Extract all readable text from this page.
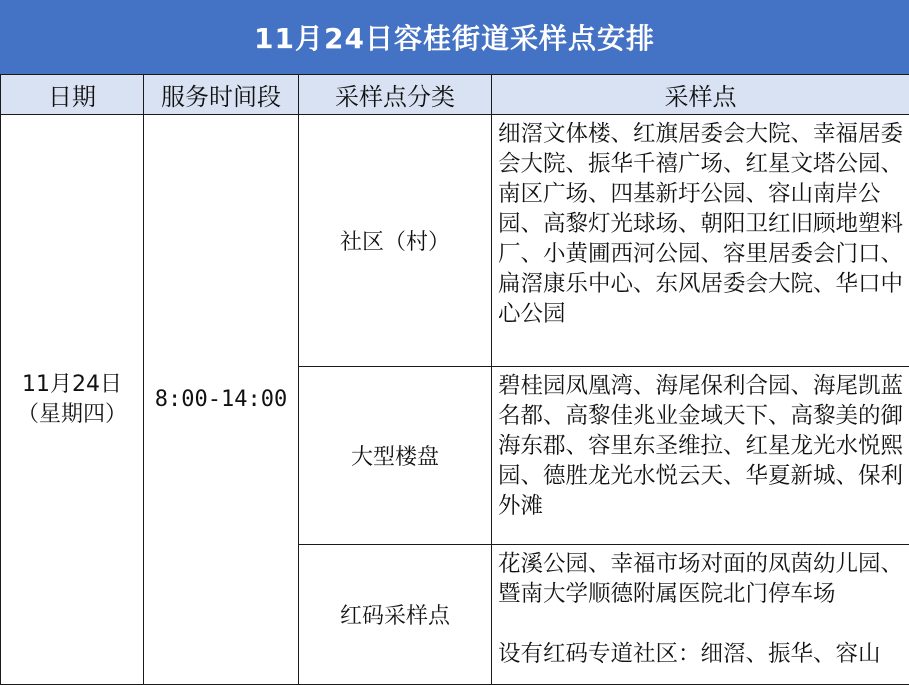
11月24日容桂街道采样点安排
日期	服务时间段	采样点分类	采样点
11月24日
（星期四）	8:00-14:00	社区（村）	细滘文体楼、红旗居委会大院、幸福居委会大院、振华千禧广场、红星文塔公园、南区广场、四基新圩公园、容山南岸公园、高黎灯光球场、朝阳卫红旧顾地塑料厂、小黄圃西河公园、容里居委会门口、扁滘康乐中心、东风居委会大院、华口中心公园

		大型楼盘	碧桂园凤凰湾、海尾保利合园、海尾凯蓝名都、高黎佳兆业金域天下、高黎美的御海东郡、容里东圣维拉、红星龙光水悦熙园、德胜龙光水悦云天、华夏新城、保利外滩

		红码采样点	花溪公园、幸福市场对面的凤茵幼儿园、暨南大学顺德附属医院北门停车场
设有红码专道社区：细滘、振华、容山
